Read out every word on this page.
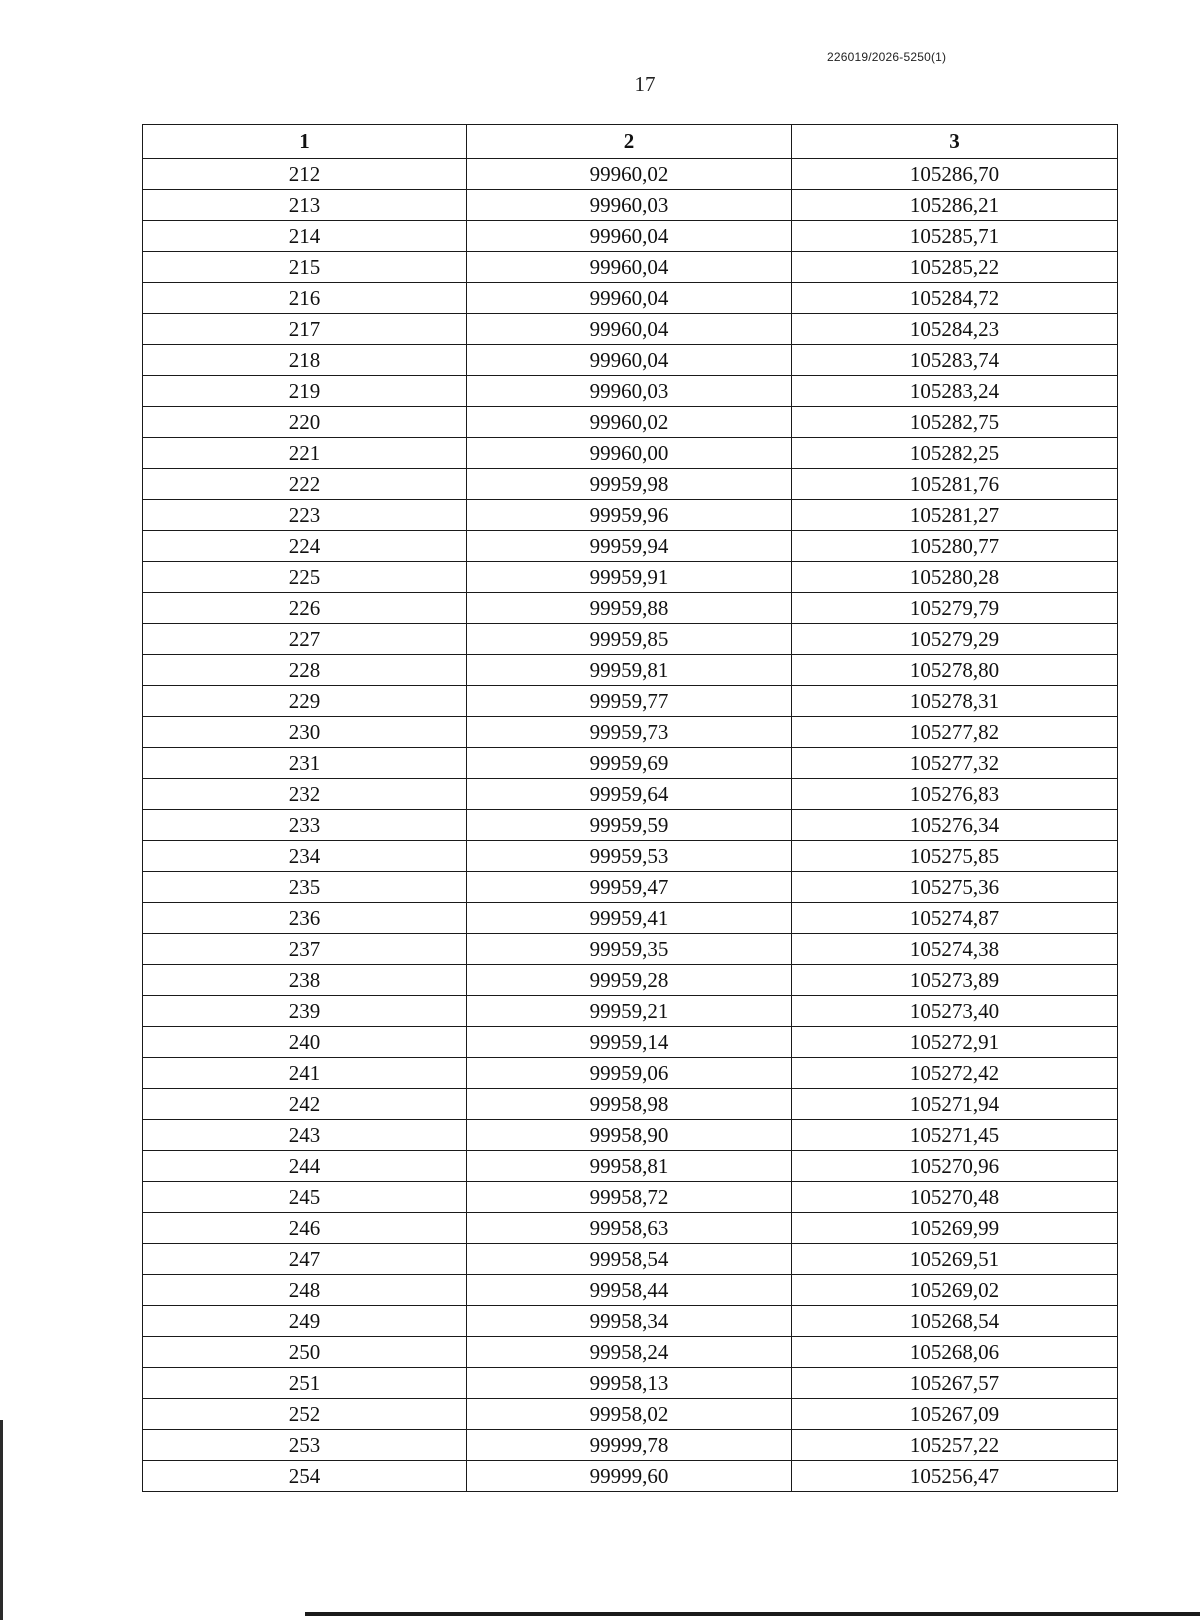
226019/2026-5250(1)
17
1	2	3
212	99960,02	105286,70
213	99960,03	105286,21
214	99960,04	105285,71
215	99960,04	105285,22
216	99960,04	105284,72
217	99960,04	105284,23
218	99960,04	105283,74
219	99960,03	105283,24
220	99960,02	105282,75
221	99960,00	105282,25
222	99959,98	105281,76
223	99959,96	105281,27
224	99959,94	105280,77
225	99959,91	105280,28
226	99959,88	105279,79
227	99959,85	105279,29
228	99959,81	105278,80
229	99959,77	105278,31
230	99959,73	105277,82
231	99959,69	105277,32
232	99959,64	105276,83
233	99959,59	105276,34
234	99959,53	105275,85
235	99959,47	105275,36
236	99959,41	105274,87
237	99959,35	105274,38
238	99959,28	105273,89
239	99959,21	105273,40
240	99959,14	105272,91
241	99959,06	105272,42
242	99958,98	105271,94
243	99958,90	105271,45
244	99958,81	105270,96
245	99958,72	105270,48
246	99958,63	105269,99
247	99958,54	105269,51
248	99958,44	105269,02
249	99958,34	105268,54
250	99958,24	105268,06
251	99958,13	105267,57
252	99958,02	105267,09
253	99999,78	105257,22
254	99999,60	105256,47
